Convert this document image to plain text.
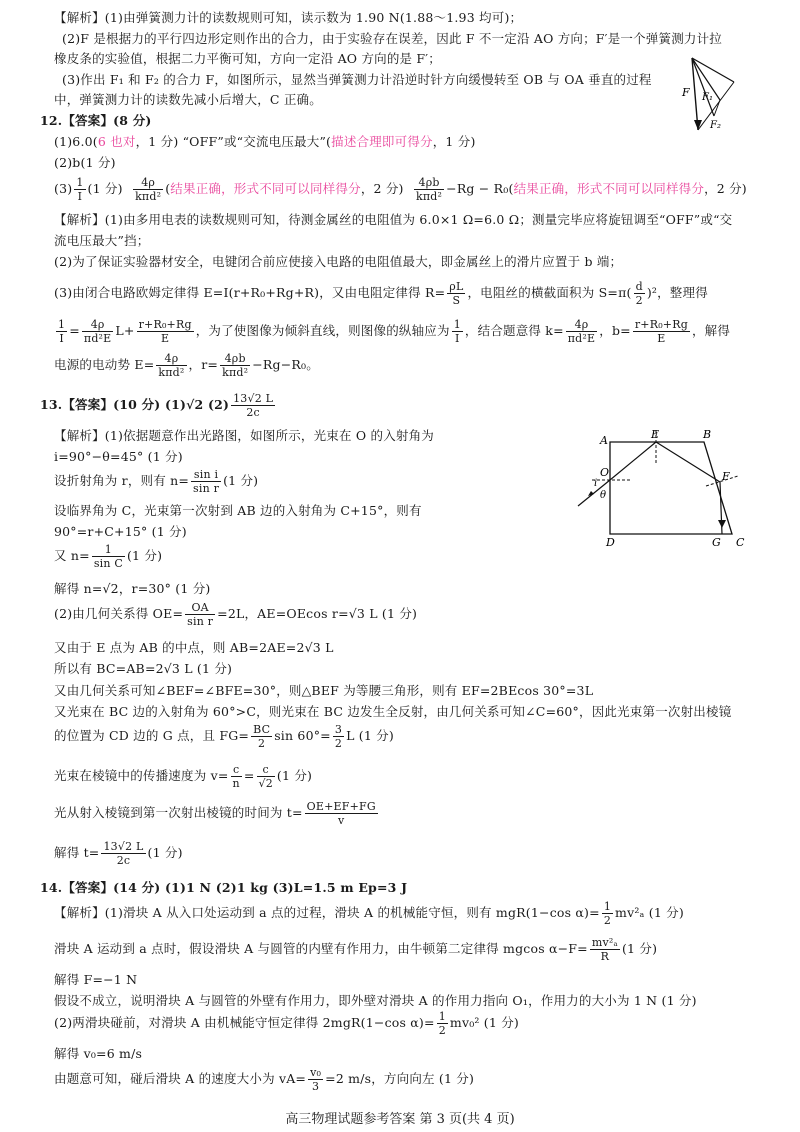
【解析】(1)由弹簧测力计的读数规则可知，读示数为 1.90 N(1.88～1.93 均可)；
(2)F 是根据力的平行四边形定则作出的合力，由于实验存在误差，因此 F 不一定沿 AO 方向；F′是一个弹簧测力计拉
橡皮条的实验值，根据二力平衡可知，方向一定沿 AO 方向的是 F′；
(3)作出 F₁ 和 F₂ 的合力 F，如图所示，显然当弹簧测力计沿逆时针方向缓慢转至 OB 与 OA 垂直的过程
中，弹簧测力计的读数先减小后增大，C 正确。	F F₁
F₂
12.【答案】(8 分)
(1)6.0(6 也对，1 分) “OFF”或“交流电压最大”(描述合理即可得分，1 分)
(2)b(1 分)
$(3) \frac{1}{I} (1$ 分) $\frac{4\rho}{\text{kπd²}}$ (结果正确，形式不同可以同样得分，2 分) $\frac{4\rho b}{\text{kπd²}} -Rg - R_0$(结果正确，形式不同可以同样得分，2 分)
【解析】(1)由多用电表的读数规则可知，待测金属丝的电阻值为 6.0×1 Ω=6.0 Ω；测量完毕应将旋钮调至“OFF”或“交
流电压最大”挡；
(2)为了保证实验器材安全，电键闭合前应使接入电路的电阻值最大，即金属丝上的滑片应置于 b 端；
(3)由闭合电路欧姆定律得 E=I(r+R₀+Rg+R)，又由电阻定律得 $R= \frac{\rho L}{S}$ ，电阻丝的横截面积为 $S=\pi( \frac{d}{2} )^2$，整理得
$\frac{1}{I} = \frac{4\rho}{\text{πd²E}} L+ \frac{\text{r+R₀+Rg}}{E}$ ，为了使图像为倾斜直线，则图像的纵轴应为 $\frac{1}{I}$ ，结合题意得 $k= \frac{4\rho}{\text{πd²E}}$ ，$b= \frac{\text{r+R₀+Rg}}{E}$ ，解得
电源的电动势 $E= \frac{4\rho}{\text{kπd²}}$ ，$r= \frac{4\rho b}{\text{kπd²}} -Rg-R_0$。
13.【答案】(10 分) (1)√2 $(2) \frac{13√2 L}{2c}$
【解析】(1)依据题意作出光路图，如图所示，光束在 O 的入射角为
i=90°−θ=45° (1 分)
设折射角为 r，则有 $n= \frac{\text{sin i}}{\text{sin r}} (1$ 分)
设临界角为 C，光束第一次射到 AB 边的入射角为 C+15°，则有
90°=r+C+15° (1 分)
又 $n= \frac{1}{\text{sin C}} (1$ 分)
解得 n=√2，r=30° (1 分)
(2)由几何关系得 $OE= \frac{OA}{\text{sin r}} =2L$，AE=OEcos r=√3 L (1 分)
又由于 E 点为 AB 的中点，则 AB=2AE=2√3 L
所以有 BC=AB=2√3 L (1 分)
又由几何关系可知∠BEF=∠BFE=30°，则△BEF 为等腰三角形，则有 EF=2BEcos 30°=3L
又光束在 BC 边的入射角为 60°>C，则光束在 BC 边发生全反射，由几何关系可知∠C=60°，因此光束第一次射出棱镜
的位置为 CD 边的 G 点，且 $FG= \frac{BC}{2}$ $\sin 60^\circ= \frac{3}{2}$ L (1 分)
光束在棱镜中的传播速度为 $v= \frac{c}{n} = \frac{c}{√2} (1$ 分)
光从射入棱镜到第一次射出棱镜的时间为 $t= \frac{OE+EF+FG}{v}$
解得 $t= \frac{13√2 L}{2c} (1$ 分)
A	E	B
F
O
i
θ
D	G C
14.【答案】(14 分) (1)1 N (2)1 kg (3)L=1.5 m Ep=3 J
【解析】(1)滑块 A 从入口处运动到 a 点的过程，滑块 A 的机械能守恒，则有 mgR(1−cos $\alpha)= \frac{1}{2} mv^2_a$ (1 分)
滑块 A 运动到 a 点时，假设滑块 A 与圆管的内壁有作用力，由牛顿第二定律得 mgcos $\alpha-F= \frac{\text{mv²ₐ}}{R} (1$ 分)
解得 F=−1 N
假设不成立，说明滑块 A 与圆管的外壁有作用力，即外壁对滑块 A 的作用力指向 O₁，作用力的大小为 1 N (1 分)
(2)两滑块碰前，对滑块 A 由机械能守恒定律得 2mgR(1−cos $\alpha)= \frac{1}{2} mv_0^2$ (1 分)
解得 v₀=6 m/s
由题意可知，碰后滑块 A 的速度大小为 $vA= \frac{\text{v₀}}{3} =2$ m/s，方向向左 (1 分)
高三物理试题参考答案 第 3 页(共 4 页)
